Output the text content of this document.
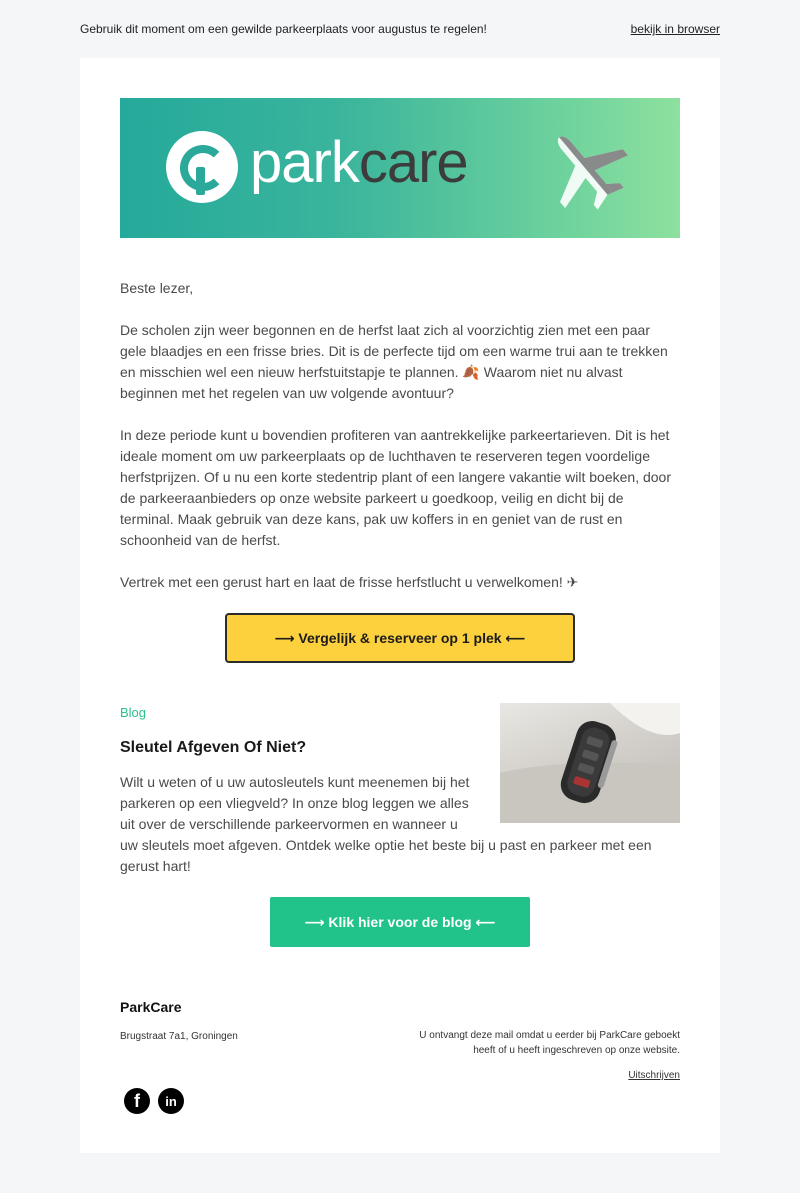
Gebruik dit moment om een gewilde parkeerplaats voor augustus te regelen!	bekijk in browser
parkcare

Beste lezer,

De scholen zijn weer begonnen en de herfst laat zich al voorzichtig zien met een paar gele blaadjes en een frisse bries. Dit is de perfecte tijd om een warme trui aan te trekken en misschien wel een nieuw herfstuitstapje te plannen. 🍂 Waarom niet nu alvast beginnen met het regelen van uw volgende avontuur?

In deze periode kunt u bovendien profiteren van aantrekkelijke parkeertarieven. Dit is het ideale moment om uw parkeerplaats op de luchthaven te reserveren tegen voordelige herfstprijzen. Of u nu een korte stedentrip plant of een langere vakantie wilt boeken, door de parkeeraanbieders op onze website parkeert u goedkoop, veilig en dicht bij de terminal. Maak gebruik van deze kans, pak uw koffers in en geniet van de rust en schoonheid van de herfst.

Vertrek met een gerust hart en laat de frisse herfstlucht u verwelkomen! ✈

⟶ Vergelijk & reserveer op 1 plek ⟵
Blog
Sleutel Afgeven Of Niet?

Wilt u weten of u uw autosleutels kunt meenemen bij het parkeren op een vliegveld? In onze blog leggen we alles uit over de verschillende parkeervormen en wanneer u uw sleutels moet afgeven. Ontdek welke optie het beste bij u past en parkeer met een gerust hart!

⟶ Klik hier voor de blog ⟵
ParkCare
Brugstraat 7a1, Groningen	U ontvangt deze mail omdat u eerder bij ParkCare geboekt heeft of u heeft ingeschreven op onze website.

Uitschrijven
f	in
